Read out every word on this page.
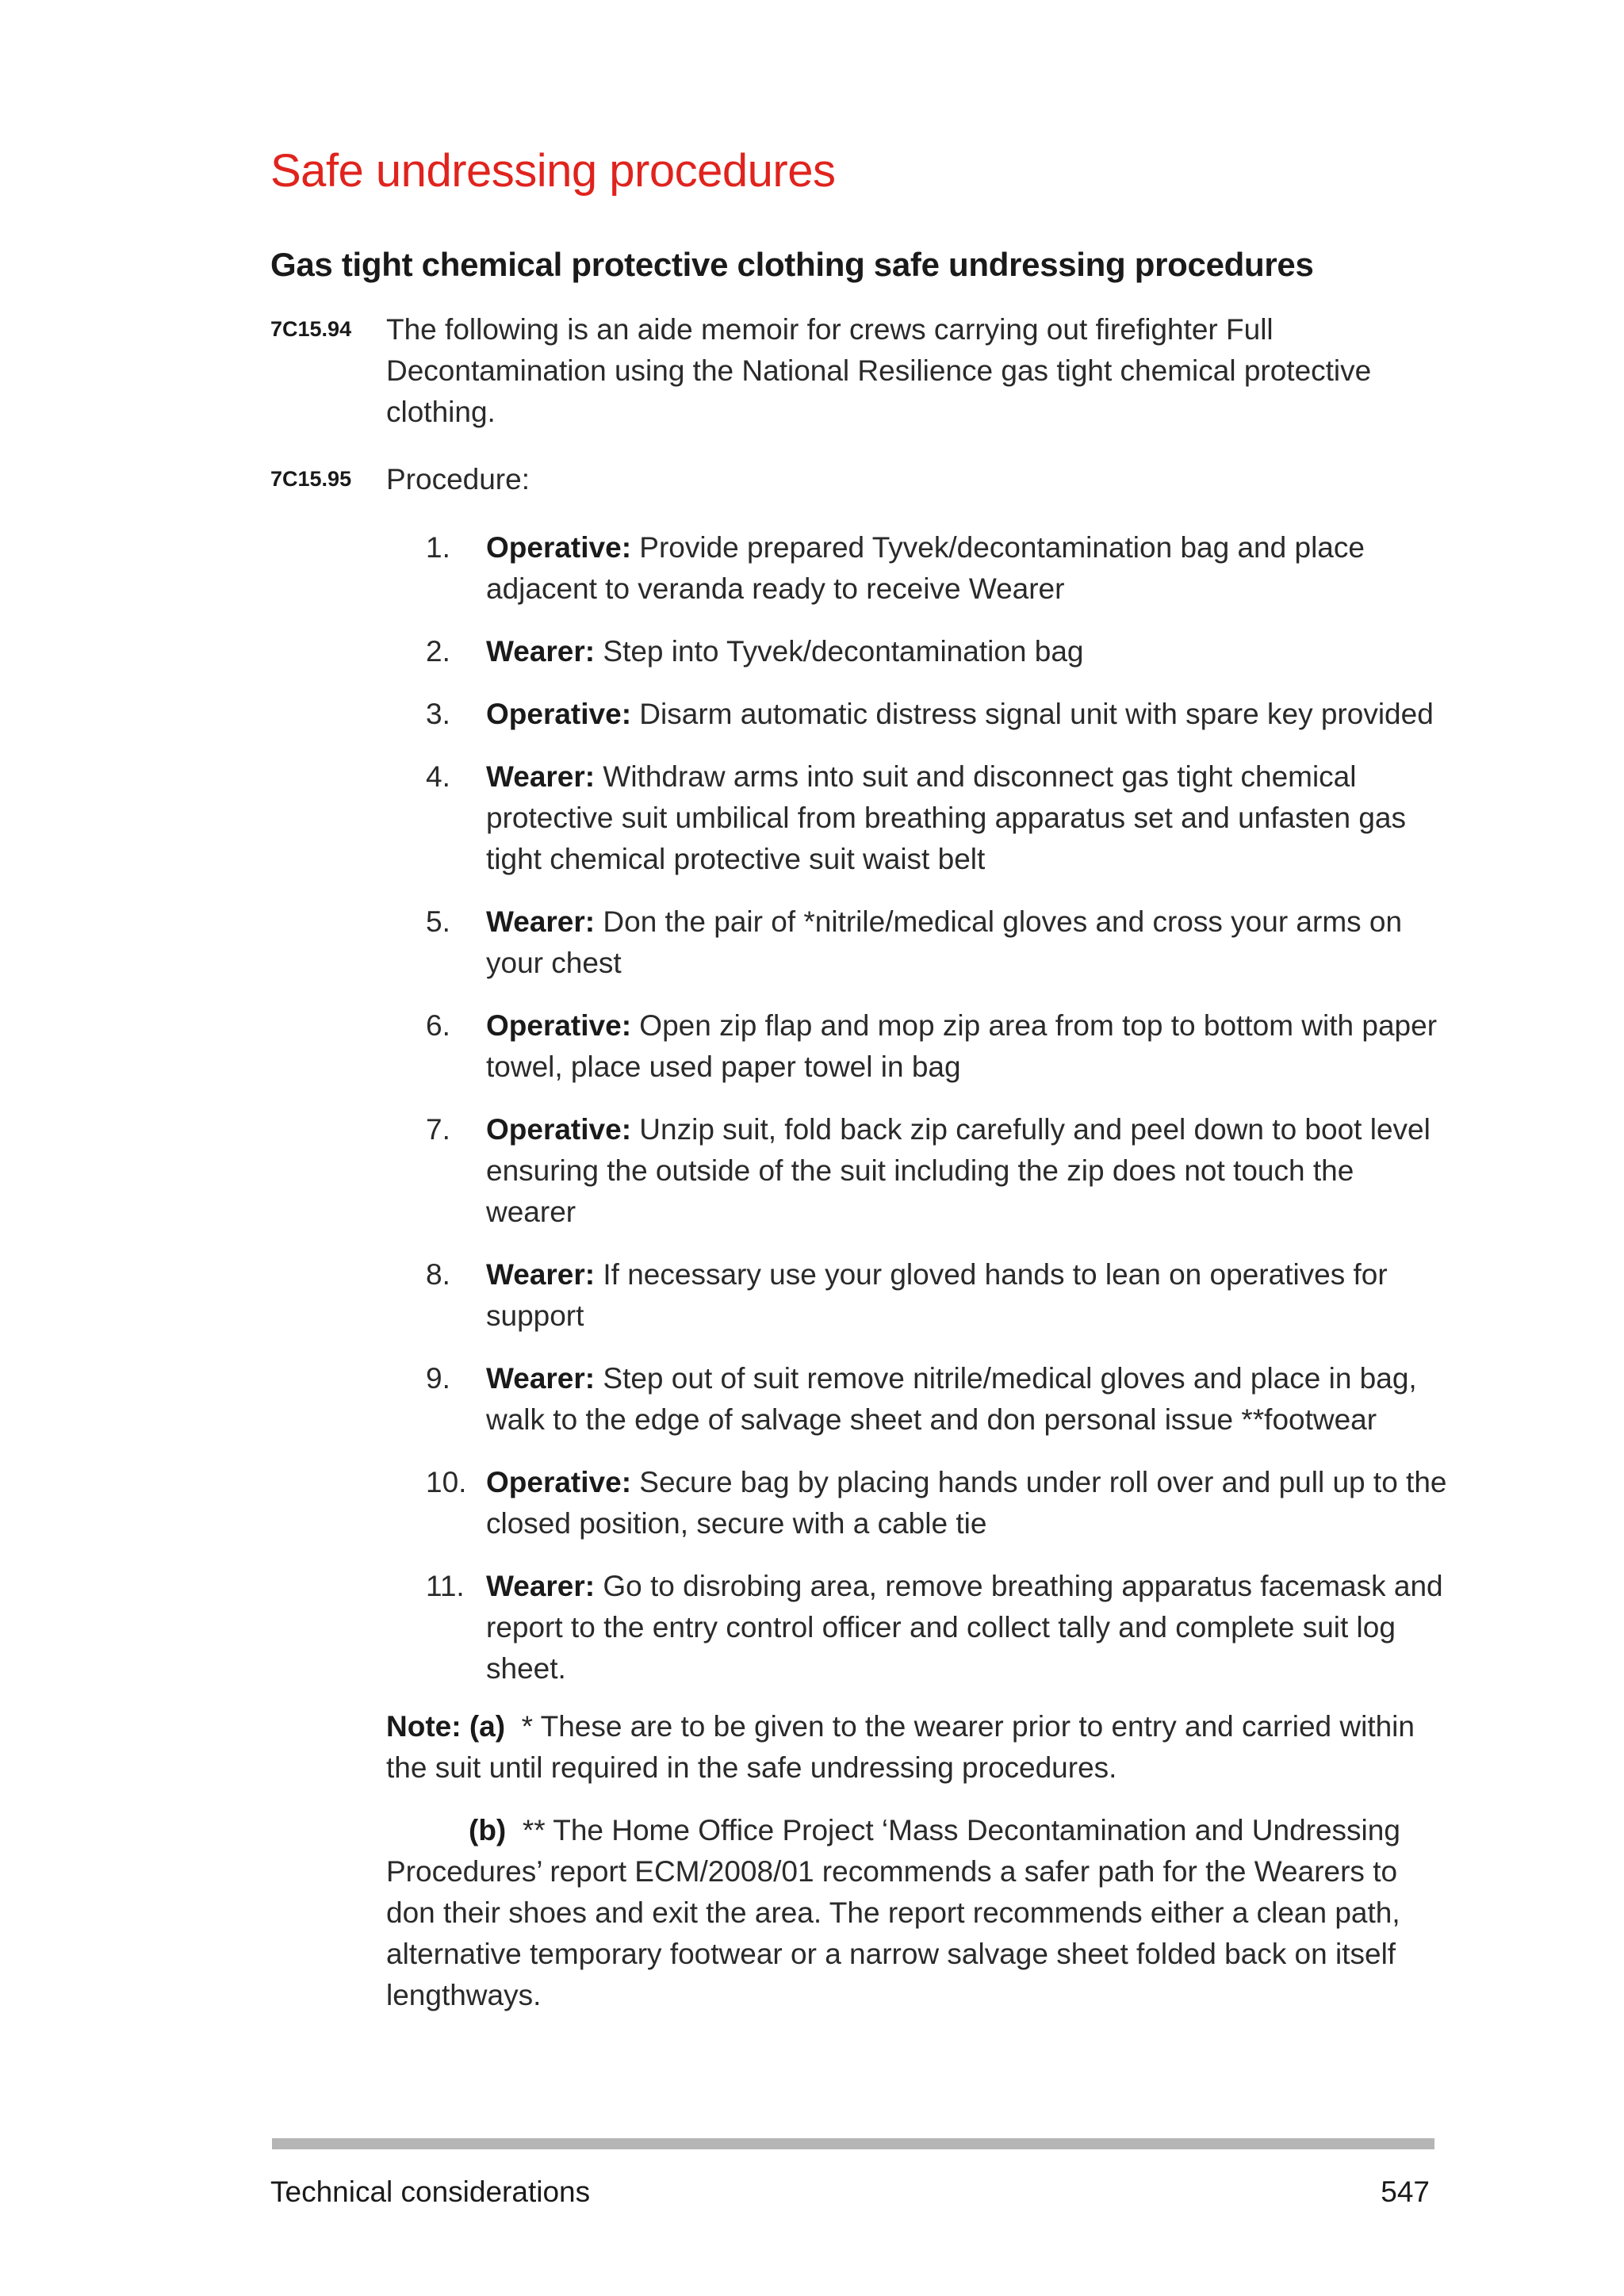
Safe undressing procedures
Gas tight chemical protective clothing safe undressing procedures
7C15.94 The following is an aide memoir for crews carrying out firefighter Full Decontamination using the National Resilience gas tight chemical protective clothing.
7C15.95 Procedure:
1. Operative: Provide prepared Tyvek/decontamination bag and place adjacent to veranda ready to receive Wearer
2. Wearer: Step into Tyvek/decontamination bag
3. Operative: Disarm automatic distress signal unit with spare key provided
4. Wearer: Withdraw arms into suit and disconnect gas tight chemical protective suit umbilical from breathing apparatus set and unfasten gas tight chemical protective suit waist belt
5. Wearer: Don the pair of *nitrile/medical gloves and cross your arms on your chest
6. Operative: Open zip flap and mop zip area from top to bottom with paper towel, place used paper towel in bag
7. Operative: Unzip suit, fold back zip carefully and peel down to boot level ensuring the outside of the suit including the zip does not touch the wearer
8. Wearer: If necessary use your gloved hands to lean on operatives for support
9. Wearer: Step out of suit remove nitrile/medical gloves and place in bag, walk to the edge of salvage sheet and don personal issue **footwear
10. Operative: Secure bag by placing hands under roll over and pull up to the closed position, secure with a cable tie
11. Wearer: Go to disrobing area, remove breathing apparatus facemask and report to the entry control officer and collect tally and complete suit log sheet.
Note: (a) * These are to be given to the wearer prior to entry and carried within the suit until required in the safe undressing procedures.
(b) ** The Home Office Project ‘Mass Decontamination and Undressing Procedures’ report ECM/2008/01 recommends a safer path for the Wearers to don their shoes and exit the area. The report recommends either a clean path, alternative temporary footwear or a narrow salvage sheet folded back on itself lengthways.
Technical considerations	547
